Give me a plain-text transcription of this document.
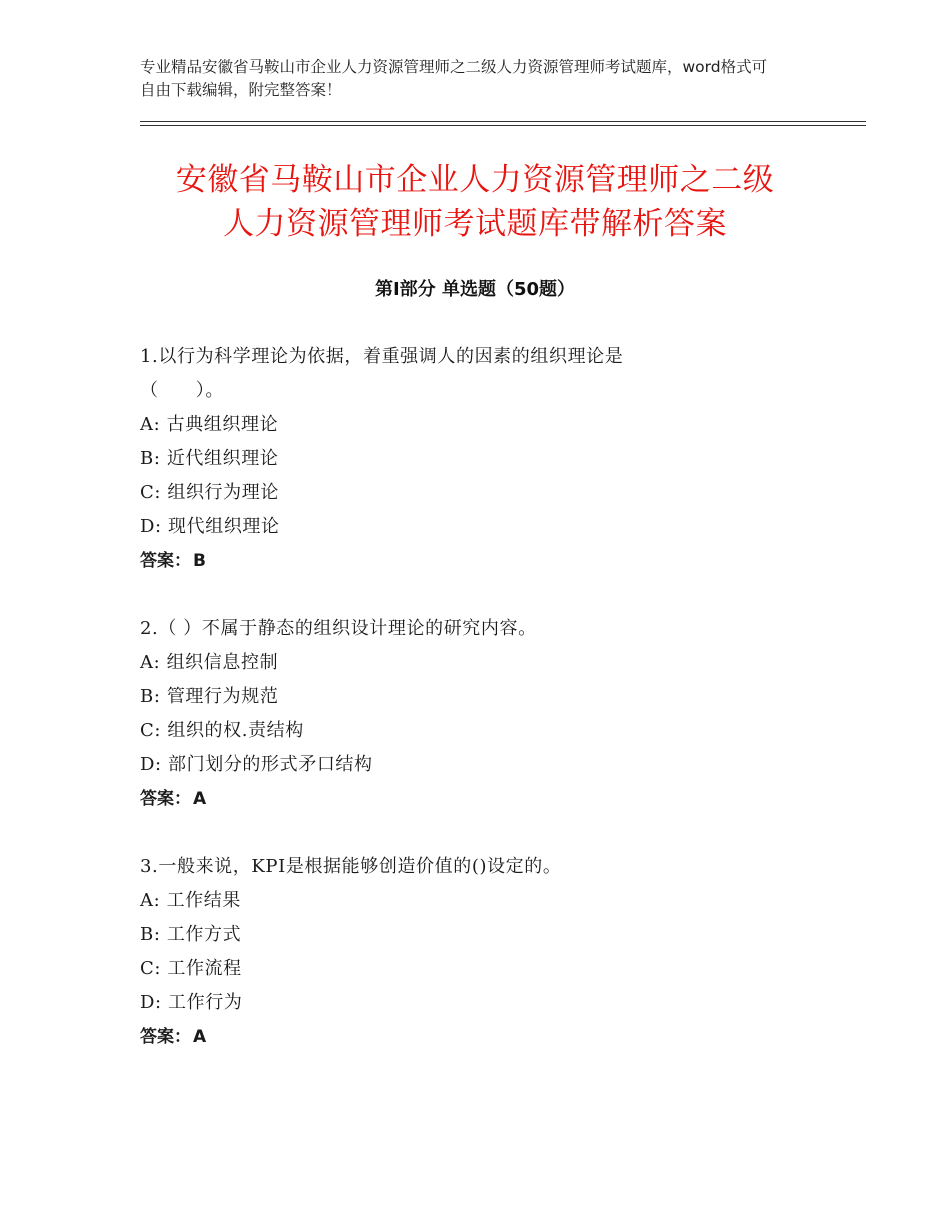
专业精品安徽省马鞍山市企业人力资源管理师之二级人力资源管理师考试题库，word格式可自由下载编辑，附完整答案！
安徽省马鞍山市企业人力资源管理师之二级
人力资源管理师考试题库带解析答案
第Ⅰ部分 单选题（50题）
1.以行为科学理论为依据，着重强调人的因素的组织理论是
（　　）。
A: 古典组织理论
B: 近代组织理论
C: 组织行为理论
D: 现代组织理论
答案： B
2.（ ）不属于静态的组织设计理论的研究内容。
A: 组织信息控制
B: 管理行为规范
C: 组织的权.责结构
D: 部门划分的形式矛口结构
答案： A
3.一般来说，KPI是根据能够创造价值的()设定的。
A: 工作结果
B: 工作方式
C: 工作流程
D: 工作行为
答案： A
